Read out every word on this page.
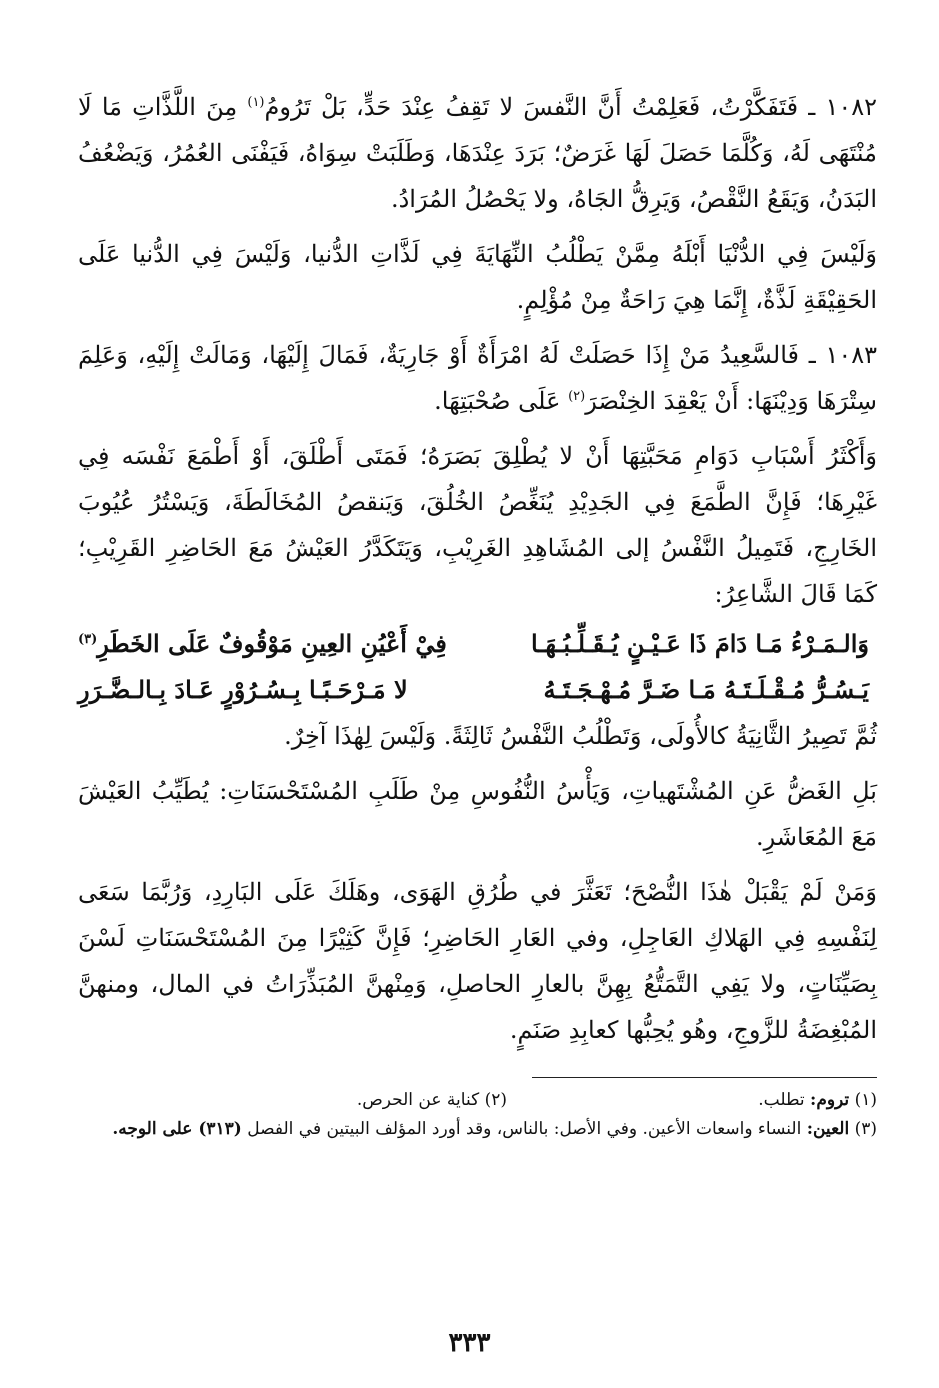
١٠٨٢ ـ فَتَفَكَّرْتُ، فَعَلِمْتُ أَنَّ النَّفسَ لا تَقِفُ عِنْدَ حَدٍّ، بَلْ تَرُومُ$^{(١)}$ مِنَ اللَّذَّاتِ مَا لَا مُنْتَهَى لَهُ، وَكُلَّمَا حَصَلَ لَهَا غَرَضٌ؛ بَرَدَ عِنْدَهَا، وَطَلَبَتْ سِوَاهُ، فَيَفْنَى العُمُرُ، وَيَضْعُفُ البَدَنُ، وَيَقَعُ النَّقْصُ، وَيَرِقُّ الجَاهُ، ولا يَحْصُلُ المُرَادُ.

وَلَيْسَ فِي الدُّنْيَا أَبْلَهُ مِمَّنْ يَطْلُبُ النِّهَايَةَ فِي لَذَّاتِ الدُّنيا، وَلَيْسَ فِي الدُّنيا عَلَى الحَقِيْقَةِ لَذَّةٌ، إِنَّمَا هِيَ رَاحَةٌ مِنْ مُؤْلِمٍ.

١٠٨٣ ـ فَالسَّعِيدُ مَنْ إِذَا حَصَلَتْ لَهُ امْرَأَةٌ أَوْ جَارِيَةٌ، فَمَالَ إِلَيْهَا، وَمَالَتْ إِلَيْهِ، وَعَلِمَ سِتْرَهَا وَدِيْنَهَا: أَنْ يَعْقِدَ الخِنْصَرَ$^{(٢)}$ عَلَى صُحْبَتِهَا.

وَأَكْثَرُ أَسْبَابِ دَوَامِ مَحَبَّتِهَا أَنْ لا يُطْلِقَ بَصَرَهُ؛ فَمَتَى أَطْلَقَ، أَوْ أَطْمَعَ نَفْسَه فِي غَيْرِهَا؛ فَإِنَّ الطَّمَعَ فِي الجَدِيْدِ يُنَغِّصُ الخُلُقَ، وَيَنقصُ المُخَالَطَةَ، وَيَسْتُرُ عُيُوبَ الخَارِجِ، فَتَمِيلُ النَّفْسُ إلى المُشَاهِدِ الغَرِيْبِ، وَيَتَكَدَّرُ العَيْشُ مَعَ الحَاضِرِ القَرِيْبِ؛ كَمَا قَالَ الشَّاعِرُ:

وَالـمَـرْءُ مَـا دَامَ ذَا عَـيْـنٍ يُـقَـلِّـبُـهَـا
فِيْ أَعْيُنِ العِينِ مَوْقُوفٌ عَلَى الخَطَرِ$^{(٣)}$
يَـسُـرُّ مُـقْـلَـتَـهُ مَـا ضَـرَّ مُـهْـجَـتَـهُ
لا مَـرْحَـبًـا بِـسُـرُوْرٍ عَـادَ بِـالـضَّـرَرِ

ثُمَّ تَصِيرُ الثَّانِيَةُ كالأُولَى، وَتَطْلُبُ النَّفْسُ ثَالِثَةً. وَلَيْسَ لِهٰذَا آخِرٌ.

بَلِ الغَضُّ عَنِ المُشْتَهياتِ، وَيَأْسُ النُّفُوسِ مِنْ طَلَبِ المُسْتَحْسَنَاتِ: يُطَيِّبُ العَيْشَ مَعَ المُعَاشَرِ.

وَمَنْ لَمْ يَقْبَلْ هٰذَا النُّصْحَ؛ تَعَثَّرَ في طُرُقِ الهَوَى، وهَلَكَ عَلَى البَارِدِ، وَرُبَّمَا سَعَى لِنَفْسِهِ فِي الهَلاكِ العَاجِلِ، وفي العَارِ الحَاضِرِ؛ فَإِنَّ كَثِيْرًا مِنَ المُسْتَحْسَنَاتِ لَسْنَ بِصَيِّنَاتٍ، ولا يَفِي التَّمَتُّعُ بِهِنَّ بالعارِ الحاصلِ، وَمِنْهنَّ المُبَذِّرَاتُ في المال، ومنهنَّ المُبْغِضَةُ للزَّوجِ، وهُو يُحِبُّها كعابِدِ صَنَمٍ.

(١) تروم: تطلب.
(٢) كناية عن الحرص.
(٣) العين: النساء واسعات الأعين. وفي الأصل: بالناس، وقد أورد المؤلف البيتين في الفصل (٣١٣) على الوجه.
٣٣٣
